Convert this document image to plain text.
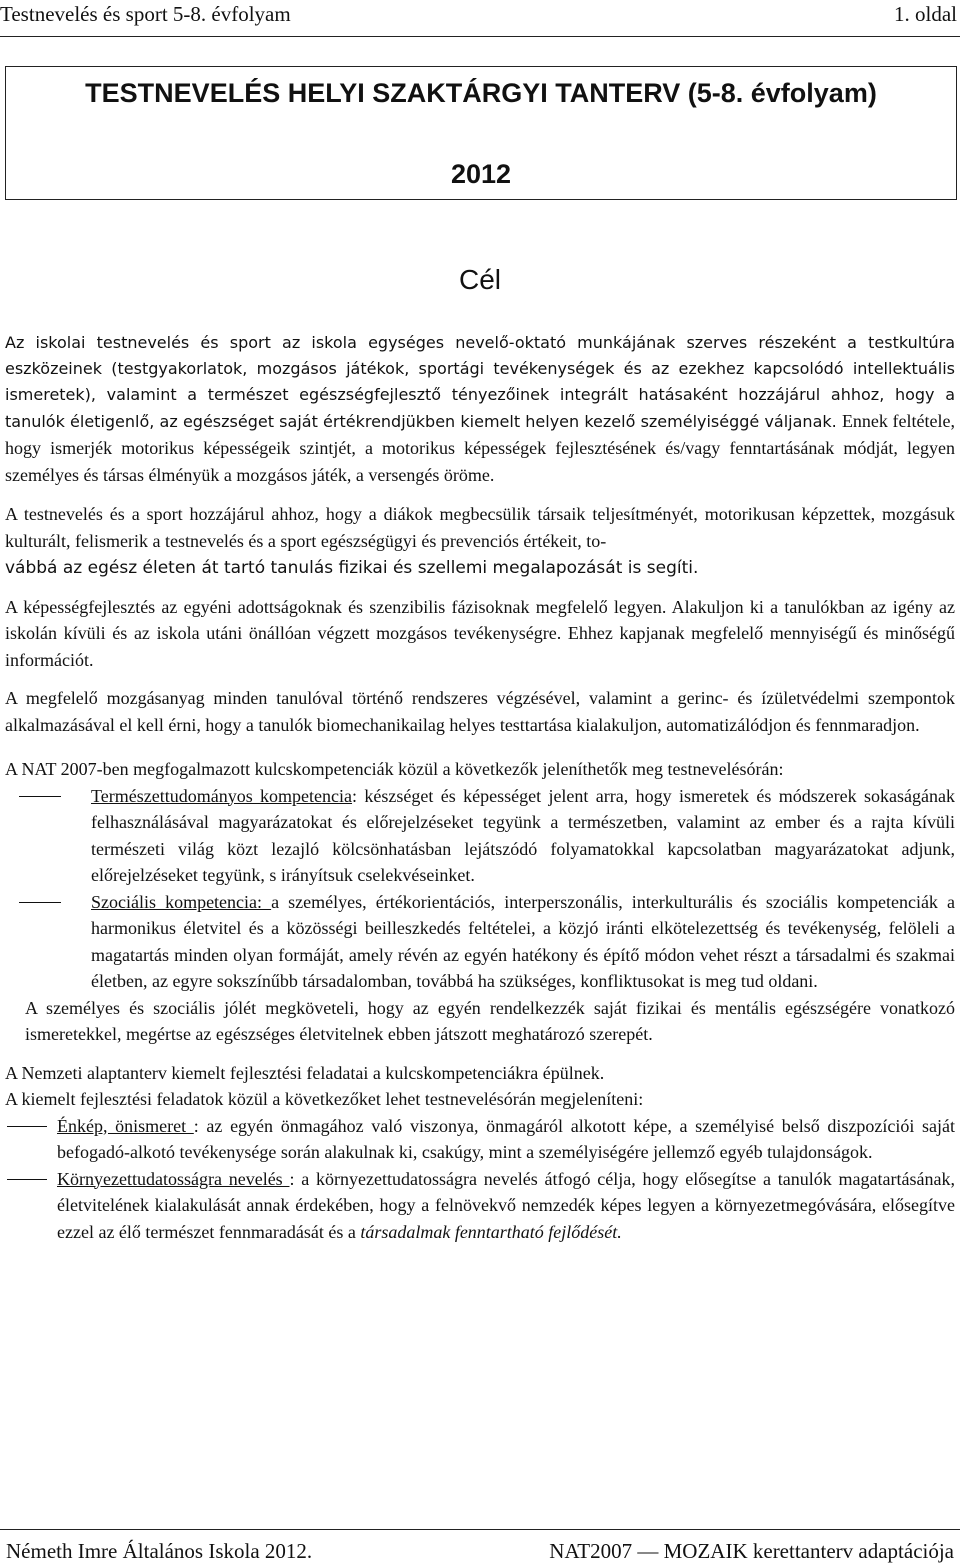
Testnevelés és sport 5-8. évfolyam	1. oldal
TESTNEVELÉS HELYI SZAKTÁRGYI TANTERV (5-8. évfolyam)
2012
Cél

Az iskolai testnevelés és sport az iskola egységes nevelő-oktató munkájának szerves részeként a testkultúra eszközeinek (testgyakorlatok, mozgásos játékok, sportági tevékenységek és az ezekhez kapcsolódó intellektuális ismeretek), valamint a természet egészségfejlesztő tényezőinek integrált hatásaként hozzájárul ahhoz, hogy a tanulók életigenlő, az egészséget saját értékrendjükben kiemelt helyen kezelő személyiséggé váljanak. Ennek feltétele, hogy ismerjék motorikus képességeik szintjét, a motorikus képességek fejlesztésének és/vagy fenntartásának módját, legyen személyes és társas élményük a mozgásos játék, a versengés öröme.

A testnevelés és a sport hozzájárul ahhoz, hogy a diákok megbecsülik társaik teljesítményét, motorikusan képzettek, mozgásuk kulturált, felismerik a testnevelés és a sport egészségügyi és prevenciós értékeit, to-
vábbá az egész életen át tartó tanulás fizikai és szellemi megalapozását is segíti.

A képességfejlesztés az egyéni adottságoknak és szenzibilis fázisoknak megfelelő legyen. Alakuljon ki a tanulókban az igény az iskolán kívüli és az iskola utáni önállóan végzett mozgásos tevékenységre. Ehhez kapjanak megfelelő mennyiségű és minőségű információt.

A megfelelő mozgásanyag minden tanulóval történő rendszeres végzésével, valamint a gerinc- és ízületvédelmi szempontok alkalmazásával el kell érni, hogy a tanulók biomechanikailag helyes testtartása kialakuljon, automatizálódjon és fennmaradjon.

A NAT 2007-ben megfogalmazott kulcskompetenciák közül a következők jeleníthetők meg testnevelésórán:

Természettudományos kompetencia: készséget és képességet jelent arra, hogy ismeretek és módszerek sokaságának felhasználásával magyarázatokat és előrejelzéseket tegyünk a természetben, valamint az ember és a rajta kívüli természeti világ közt lezajló kölcsönhatásban lejátszódó folyamatokkal kapcsolatban magyarázatokat adjunk, előrejelzéseket tegyünk, s irányítsuk cselekvéseinket.
Szociális kompetencia: a személyes, értékorientációs, interperszonális, interkulturális és szociális kompetenciák a harmonikus életvitel és a közösségi beilleszkedés feltételei, a közjó iránti elkötelezettség és tevékenység, felöleli a magatartás minden olyan formáját, amely révén az egyén hatékony és építő módon vehet részt a társadalmi és szakmai életben, az egyre sokszínűbb társadalomban, továbbá ha szükséges, konfliktusokat is meg tud oldani.

A személyes és szociális jólét megköveteli, hogy az egyén rendelkezzék saját fizikai és mentális egészségére vonatkozó ismeretekkel, megértse az egészséges életvitelnek ebben játszott meghatározó szerepét.

A Nemzeti alaptanterv kiemelt fejlesztési feladatai a kulcskompetenciákra épülnek.

A kiemelt fejlesztési feladatok közül a következőket lehet testnevelésórán megjeleníteni:

Énkép, önismeret : az egyén önmagához való viszonya, önmagáról alkotott képe, a személyisé belső diszpozíciói saját befogadó-alkotó tevékenysége során alakulnak ki, csakúgy, mint a személyiségére jellemző egyéb tulajdonságok.
Környezettudatosságra nevelés : a környezettudatosságra nevelés átfogó célja, hogy elősegítse a tanulók magatartásának, életvitelének kialakulását annak érdekében, hogy a felnövekvő nemzedék képes legyen a környezetmegóvására, elősegítve ezzel az élő természet fennmaradását és a társadalmak fenntartható fejlődését.
Németh Imre Általános Iskola 2012.	NAT2007 — MOZAIK kerettanterv adaptációja
